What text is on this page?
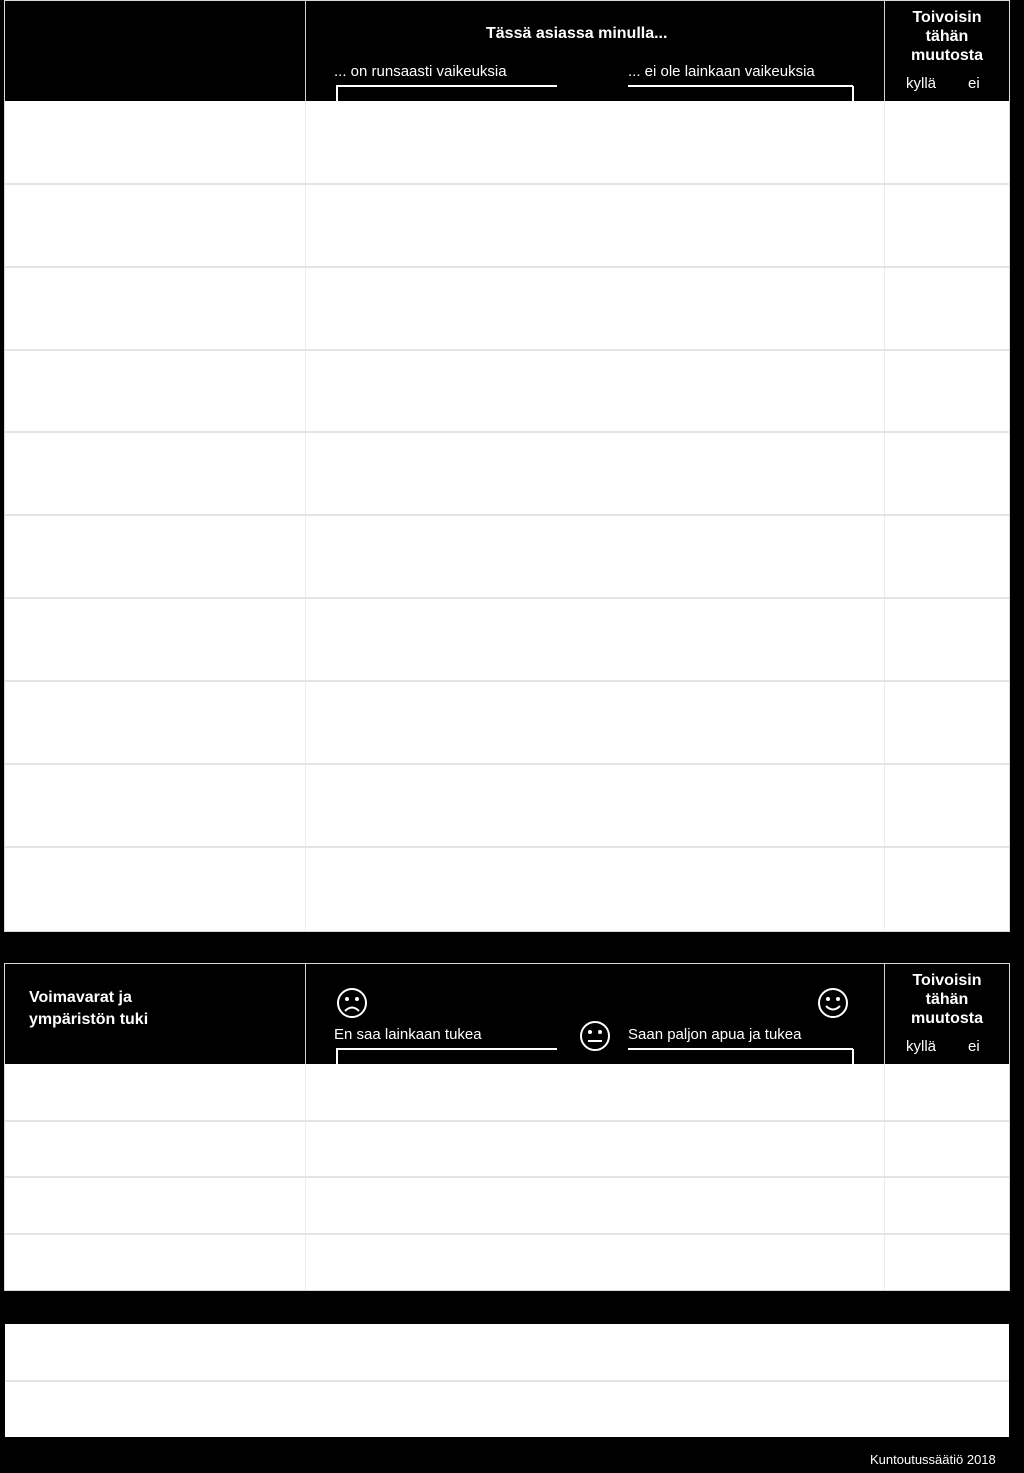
Tässä asiassa minulla...
... on runsaasti vaikeuksia	... ei ole lainkaan vaikeuksia
Toivoisin tähän muutosta
kyllä ei
Voimavarat ja ympäristön tuki
En saa lainkaan tukea	Saan paljon apua ja tukea
Toivoisin tähän muutosta
kyllä ei
Kuntoutussäätiö 2018
